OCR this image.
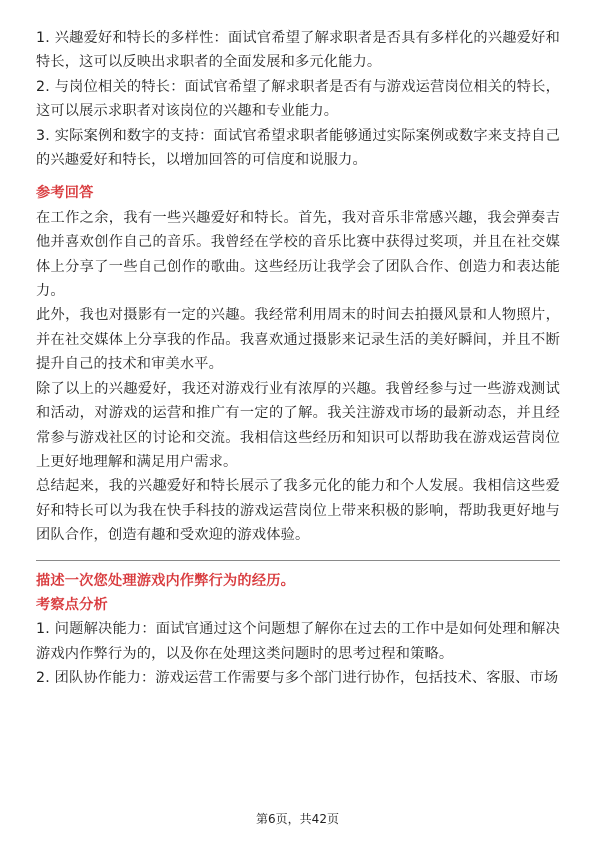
1. 兴趣爱好和特长的多样性：面试官希望了解求职者是否具有多样化的兴趣爱好和特长，这可以反映出求职者的全面发展和多元化能力。

2. 与岗位相关的特长：面试官希望了解求职者是否有与游戏运营岗位相关的特长，这可以展示求职者对该岗位的兴趣和专业能力。

3. 实际案例和数字的支持：面试官希望求职者能够通过实际案例或数字来支持自己的兴趣爱好和特长，以增加回答的可信度和说服力。

参考回答

在工作之余，我有一些兴趣爱好和特长。首先，我对音乐非常感兴趣，我会弹奏吉他并喜欢创作自己的音乐。我曾经在学校的音乐比赛中获得过奖项，并且在社交媒体上分享了一些自己创作的歌曲。这些经历让我学会了团队合作、创造力和表达能力。

此外，我也对摄影有一定的兴趣。我经常利用周末的时间去拍摄风景和人物照片，并在社交媒体上分享我的作品。我喜欢通过摄影来记录生活的美好瞬间，并且不断提升自己的技术和审美水平。

除了以上的兴趣爱好，我还对游戏行业有浓厚的兴趣。我曾经参与过一些游戏测试和活动，对游戏的运营和推广有一定的了解。我关注游戏市场的最新动态，并且经常参与游戏社区的讨论和交流。我相信这些经历和知识可以帮助我在游戏运营岗位上更好地理解和满足用户需求。

总结起来，我的兴趣爱好和特长展示了我多元化的能力和个人发展。我相信这些爱好和特长可以为我在快手科技的游戏运营岗位上带来积极的影响，帮助我更好地与团队合作，创造有趣和受欢迎的游戏体验。

描述一次您处理游戏内作弊行为的经历。

考察点分析

1. 问题解决能力：面试官通过这个问题想了解你在过去的工作中是如何处理和解决游戏内作弊行为的，以及你在处理这类问题时的思考过程和策略。

2. 团队协作能力：游戏运营工作需要与多个部门进行协作，包括技术、客服、市场

第6页，共42页
